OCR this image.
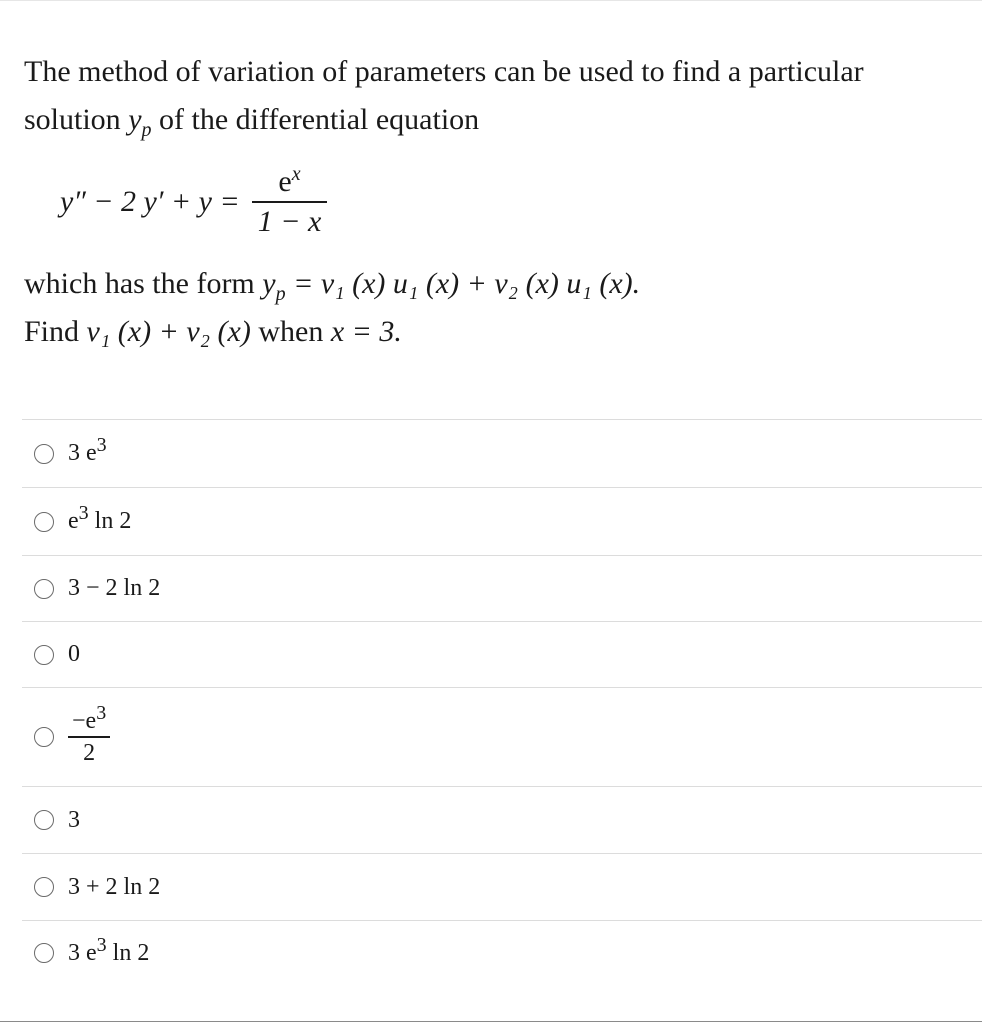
The method of variation of parameters can be used to find a particular
solution $y_p$ of the differential equation
y″ − 2 $y' + y = \frac{e^x}{1 - x}$
which has the form $y_p = v_1$ (x) u₁ (x) + v₂ (x) u₁ (x).
Find v₁ (x) + v₂ (x) when x = 3.
3 $e^3$
$e^3$ ln 2
3 − 2 ln 2
0
$\frac{-e^3}{2}$
3
3 + 2 ln 2
3 $e^3$ ln 2
